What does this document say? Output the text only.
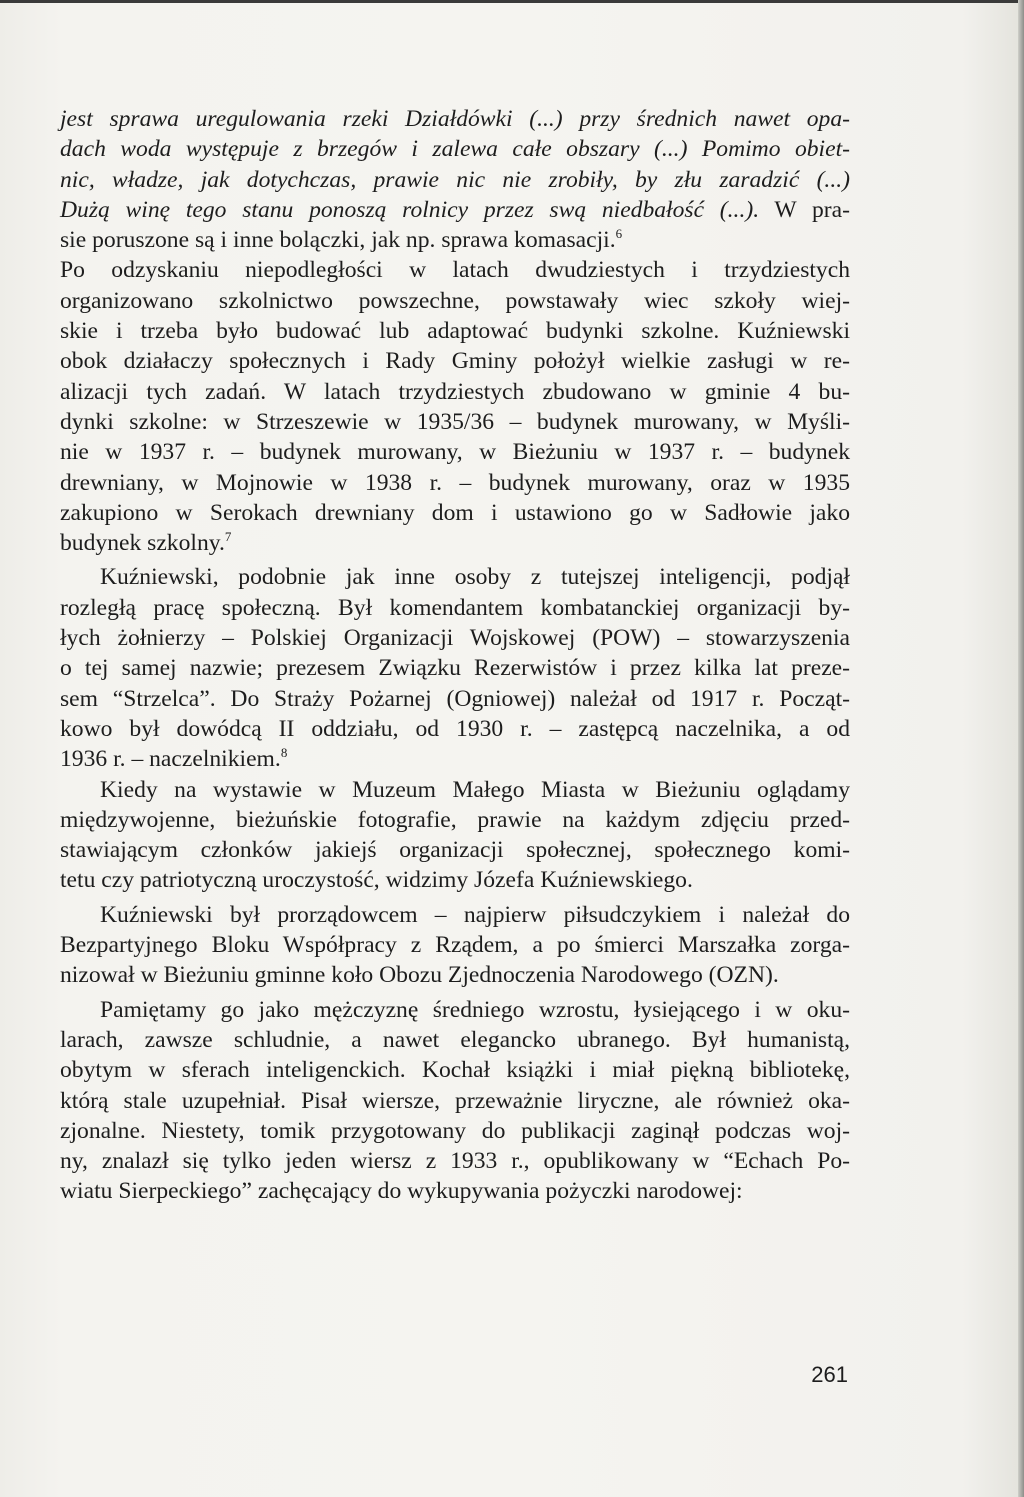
jest sprawa uregulowania rzeki Działdówki (...) przy średnich nawet opa-
dach woda występuje z brzegów i zalewa całe obszary (...) Pomimo obiet-
nic, władze, jak dotychczas, prawie nic nie zrobiły, by złu zaradzić (...)
Dużą winę tego stanu ponoszą rolnicy przez swą niedbałość (...). W pra-
sie poruszone są i inne bolączki, jak np. sprawa komasacji.$^6$
Po odzyskaniu niepodległości w latach dwudziestych i trzydziestych
organizowano szkolnictwo powszechne, powstawały wiec szkoły wiej-
skie i trzeba było budować lub adaptować budynki szkolne. Kuźniewski
obok działaczy społecznych i Rady Gminy położył wielkie zasługi w re-
alizacji tych zadań. W latach trzydziestych zbudowano w gminie 4 bu-
dynki szkolne: w Strzeszewie w 1935/36 – budynek murowany, w Myśli-
nie w 1937 r. – budynek murowany, w Bieżuniu w 1937 r. – budynek
drewniany, w Mojnowie w 1938 r. – budynek murowany, oraz w 1935
zakupiono w Serokach drewniany dom i ustawiono go w Sadłowie jako
budynek szkolny.$^7$
Kuźniewski, podobnie jak inne osoby z tutejszej inteligencji, podjął
rozległą pracę społeczną. Był komendantem kombatanckiej organizacji by-
łych żołnierzy – Polskiej Organizacji Wojskowej (POW) – stowarzyszenia
o tej samej nazwie; prezesem Związku Rezerwistów i przez kilka lat preze-
sem “Strzelca”. Do Straży Pożarnej (Ogniowej) należał od 1917 r. Począt-
kowo był dowódcą II oddziału, od 1930 r. – zastępcą naczelnika, a od
1936 r. – naczelnikiem.$^8$
Kiedy na wystawie w Muzeum Małego Miasta w Bieżuniu oglądamy
międzywojenne, bieżuńskie fotografie, prawie na każdym zdjęciu przed-
stawiającym członków jakiejś organizacji społecznej, społecznego komi-
tetu czy patriotyczną uroczystość, widzimy Józefa Kuźniewskiego.
Kuźniewski był prorządowcem – najpierw piłsudczykiem i należał do
Bezpartyjnego Bloku Współpracy z Rządem, a po śmierci Marszałka zorga-
nizował w Bieżuniu gminne koło Obozu Zjednoczenia Narodowego (OZN).
Pamiętamy go jako mężczyznę średniego wzrostu, łysiejącego i w oku-
larach, zawsze schludnie, a nawet elegancko ubranego. Był humanistą,
obytym w sferach inteligenckich. Kochał książki i miał piękną bibliotekę,
którą stale uzupełniał. Pisał wiersze, przeważnie liryczne, ale również oka-
zjonalne. Niestety, tomik przygotowany do publikacji zaginął podczas woj-
ny, znalazł się tylko jeden wiersz z 1933 r., opublikowany w “Echach Po-
wiatu Sierpeckiego” zachęcający do wykupywania pożyczki narodowej:
261
